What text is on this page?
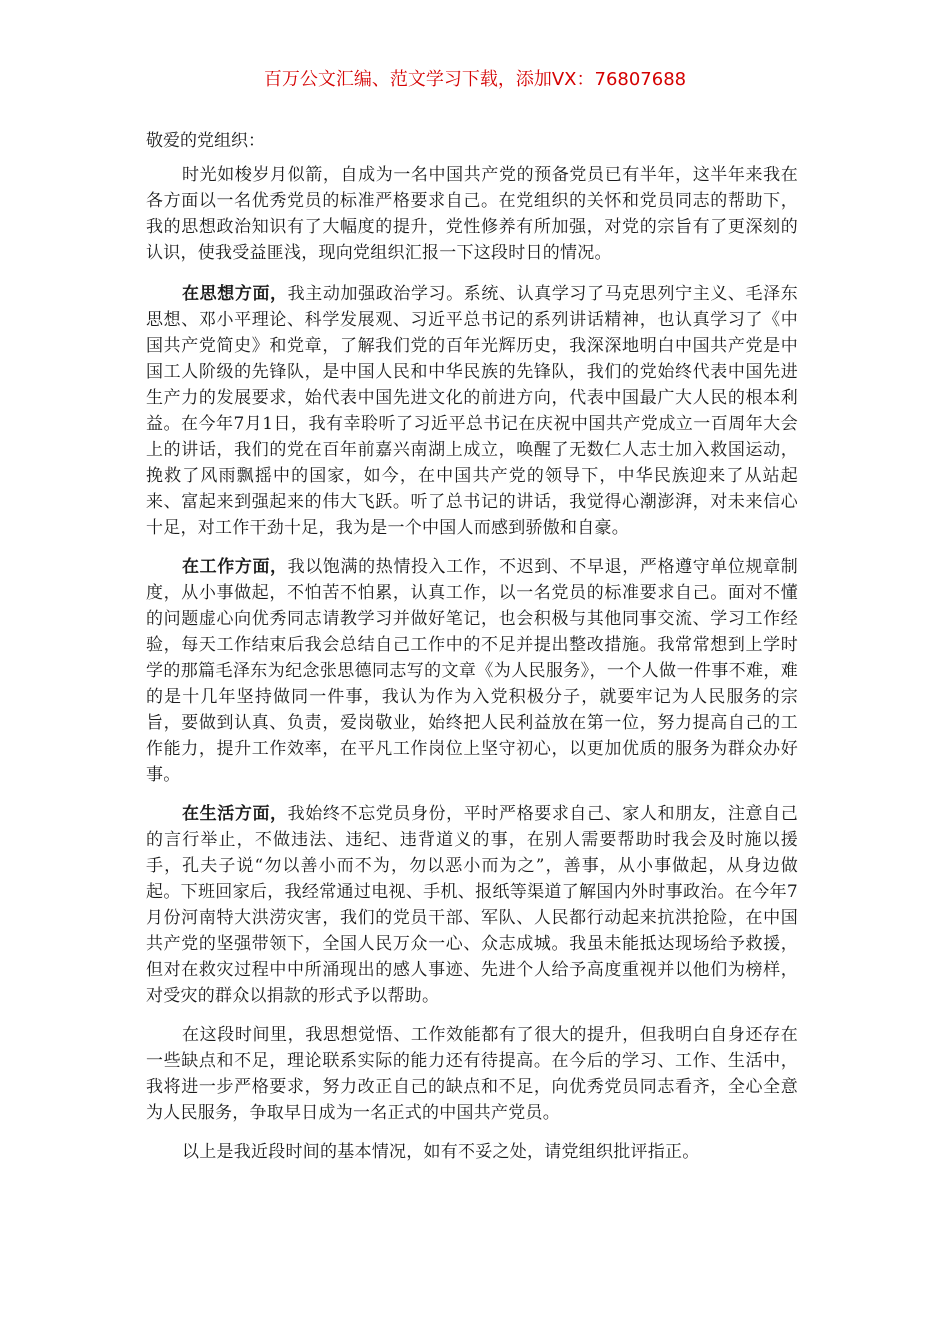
百万公文汇编、范文学习下载，添加VX：76807688

敬爱的党组织：

时光如梭岁月似箭，自成为一名中国共产党的预备党员已有半年，这半年来我在各方面以一名优秀党员的标准严格要求自己。在党组织的关怀和党员同志的帮助下，我的思想政治知识有了大幅度的提升，党性修养有所加强，对党的宗旨有了更深刻的认识，使我受益匪浅，现向党组织汇报一下这段时日的情况。

在思想方面，我主动加强政治学习。系统、认真学习了马克思列宁主义、毛泽东思想、邓小平理论、科学发展观、习近平总书记的系列讲话精神，也认真学习了《中国共产党简史》和党章，了解我们党的百年光辉历史，我深深地明白中国共产党是中国工人阶级的先锋队，是中国人民和中华民族的先锋队，我们的党始终代表中国先进生产力的发展要求，始代表中国先进文化的前进方向，代表中国最广大人民的根本利益。在今年7月1日，我有幸聆听了习近平总书记在庆祝中国共产党成立一百周年大会上的讲话，我们的党在百年前嘉兴南湖上成立，唤醒了无数仁人志士加入救国运动，挽救了风雨飘摇中的国家，如今，在中国共产党的领导下，中华民族迎来了从站起来、富起来到强起来的伟大飞跃。听了总书记的讲话，我觉得心潮澎湃，对未来信心十足，对工作干劲十足，我为是一个中国人而感到骄傲和自豪。

在工作方面，我以饱满的热情投入工作，不迟到、不早退，严格遵守单位规章制度，从小事做起，不怕苦不怕累，认真工作，以一名党员的标准要求自己。面对不懂的问题虚心向优秀同志请教学习并做好笔记，也会积极与其他同事交流、学习工作经验，每天工作结束后我会总结自己工作中的不足并提出整改措施。我常常想到上学时学的那篇毛泽东为纪念张思德同志写的文章《为人民服务》，一个人做一件事不难，难的是十几年坚持做同一件事，我认为作为入党积极分子，就要牢记为人民服务的宗旨，要做到认真、负责，爱岗敬业，始终把人民利益放在第一位，努力提高自己的工作能力，提升工作效率，在平凡工作岗位上坚守初心，以更加优质的服务为群众办好事。

在生活方面，我始终不忘党员身份，平时严格要求自己、家人和朋友，注意自己的言行举止，不做违法、违纪、违背道义的事，在别人需要帮助时我会及时施以援手，孔夫子说“勿以善小而不为，勿以恶小而为之”，善事，从小事做起，从身边做起。下班回家后，我经常通过电视、手机、报纸等渠道了解国内外时事政治。在今年7月份河南特大洪涝灾害，我们的党员干部、军队、人民都行动起来抗洪抢险，在中国共产党的坚强带领下，全国人民万众一心、众志成城。我虽未能抵达现场给予救援，但对在救灾过程中中所涌现出的感人事迹、先进个人给予高度重视并以他们为榜样，对受灾的群众以捐款的形式予以帮助。

在这段时间里，我思想觉悟、工作效能都有了很大的提升，但我明白自身还存在一些缺点和不足，理论联系实际的能力还有待提高。在今后的学习、工作、生活中，我将进一步严格要求，努力改正自己的缺点和不足，向优秀党员同志看齐，全心全意为人民服务，争取早日成为一名正式的中国共产党员。

以上是我近段时间的基本情况，如有不妥之处，请党组织批评指正。
